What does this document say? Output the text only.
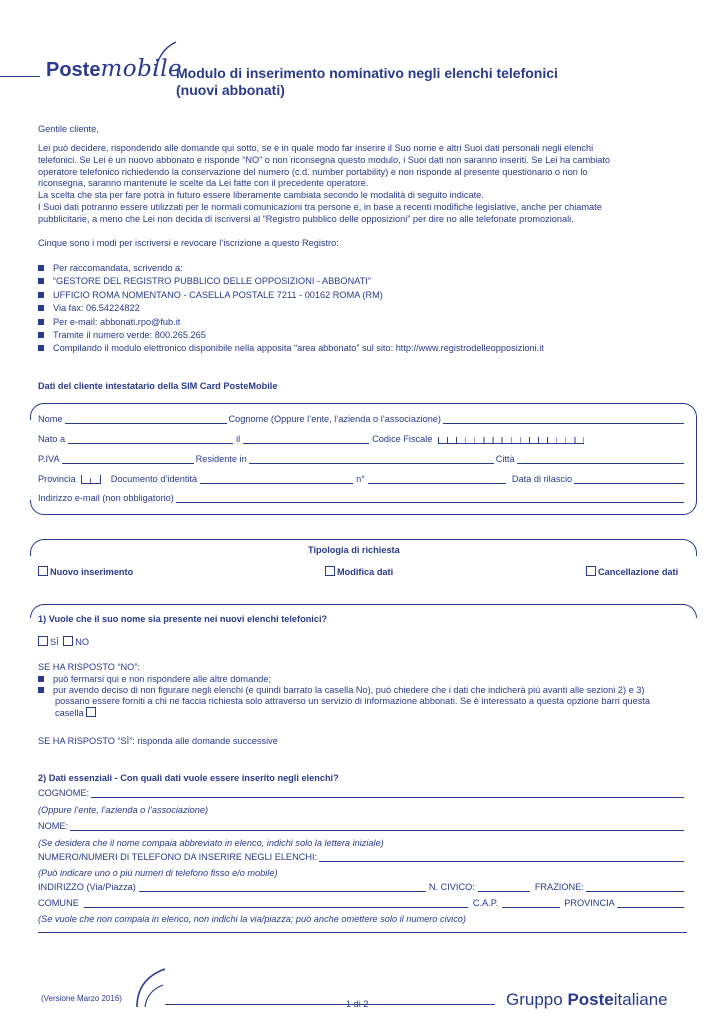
Postemobile
Modulo di inserimento nominativo negli elenchi telefonici
(nuovi abbonati)
Gentile cliente,
Lei può decidere, rispondendo alle domande qui sotto, se e in quale modo far inserire il Suo nome e altri Suoi dati personali negli elenchi
telefonici. Se Lei è un nuovo abbonato e risponde “NO” o non riconsegna questo modulo, i Suoi dati non saranno inseriti. Se Lei ha cambiato
operatore telefonico richiedendo la conservazione del numero (c.d. number portability) e non risponde al presente questionario o non lo
riconsegna, saranno mantenute le scelte da Lei fatte con il precedente operatore.
La scelta che sta per fare potrà in futuro essere liberamente cambiata secondo le modalità di seguito indicate.
I Suoi dati potranno essere utilizzati per le normali comunicazioni tra persone e, in base a recenti modifiche legislative, anche per chiamate
pubblicitarie, a meno che Lei non decida di iscriversi al “Registro pubblico delle opposizioni” per dire no alle telefonate promozionali.
Cinque sono i modi per iscriversi e revocare l’iscrizione a questo Registro:
Per raccomandata, scrivendo a:
“GESTORE DEL REGISTRO PUBBLICO DELLE OPPOSIZIONI - ABBONATI”
UFFICIO ROMA NOMENTANO - CASELLA POSTALE 7211 - 00162 ROMA (RM)
Via fax: 06.54224822
Per e-mail: abbonati.rpo@fub.it
Tramite il numero verde: 800.265.265
Compilando il modulo elettronico disponibile nella apposita “area abbonato” sul sito: http://www.registrodelleopposizioni.it
Dati del cliente intestatario della SIM Card PosteMobile
Nome	Cognome (Oppure l’ente, l’azienda o l’associazione)
Nato a	il	Codice Fiscale
P.IVA	Residente in	Città
Provincia	Documento d’identità	n°	Data di rilascio
Indirizzo e-mail (non obbligatorio)
Tipologia di richiesta
Nuovo inserimento	Modifica dati	Cancellazione dati
1) Vuole che il suo nome sia presente nei nuovi elenchi telefonici?
SÌ NO
SE HA RISPOSTO “NO”:
può fermarsi qui e non rispondere alle altre domande;
pur avendo deciso di non figurare negli elenchi (e quindi barrato la casella No), può chiedere che i dati che indicherà più avanti alle sezioni 2) e 3)
possano essere forniti a chi ne faccia richiesta solo attraverso un servizio di informazione abbonati. Se è interessato a questa opzione barri questa
casella
SE HA RISPOSTO “SÌ”: risponda alle domande successive
2) Dati essenziali - Con quali dati vuole essere inserito negli elenchi?
COGNOME:
(Oppure l’ente, l’azienda o l’associazione)
NOME:
(Se desidera che il nome compaia abbreviato in elenco, indichi solo la lettera iniziale)
NUMERO/NUMERI DI TELEFONO DA INSERIRE NEGLI ELENCHI:
(Può indicare uno o più numeri di telefono fisso e/o mobile)
INDIRIZZO (Via/Piazza)	N. CIVICO:	FRAZIONE:
COMUNE	C.A.P.	PROVINCIA
(Se vuole che non compaia in elenco, non indichi la via/piazza; può anche omettere solo il numero civico)
(Versione Marzo 2016)
1 di 2	Gruppo Posteitaliane
